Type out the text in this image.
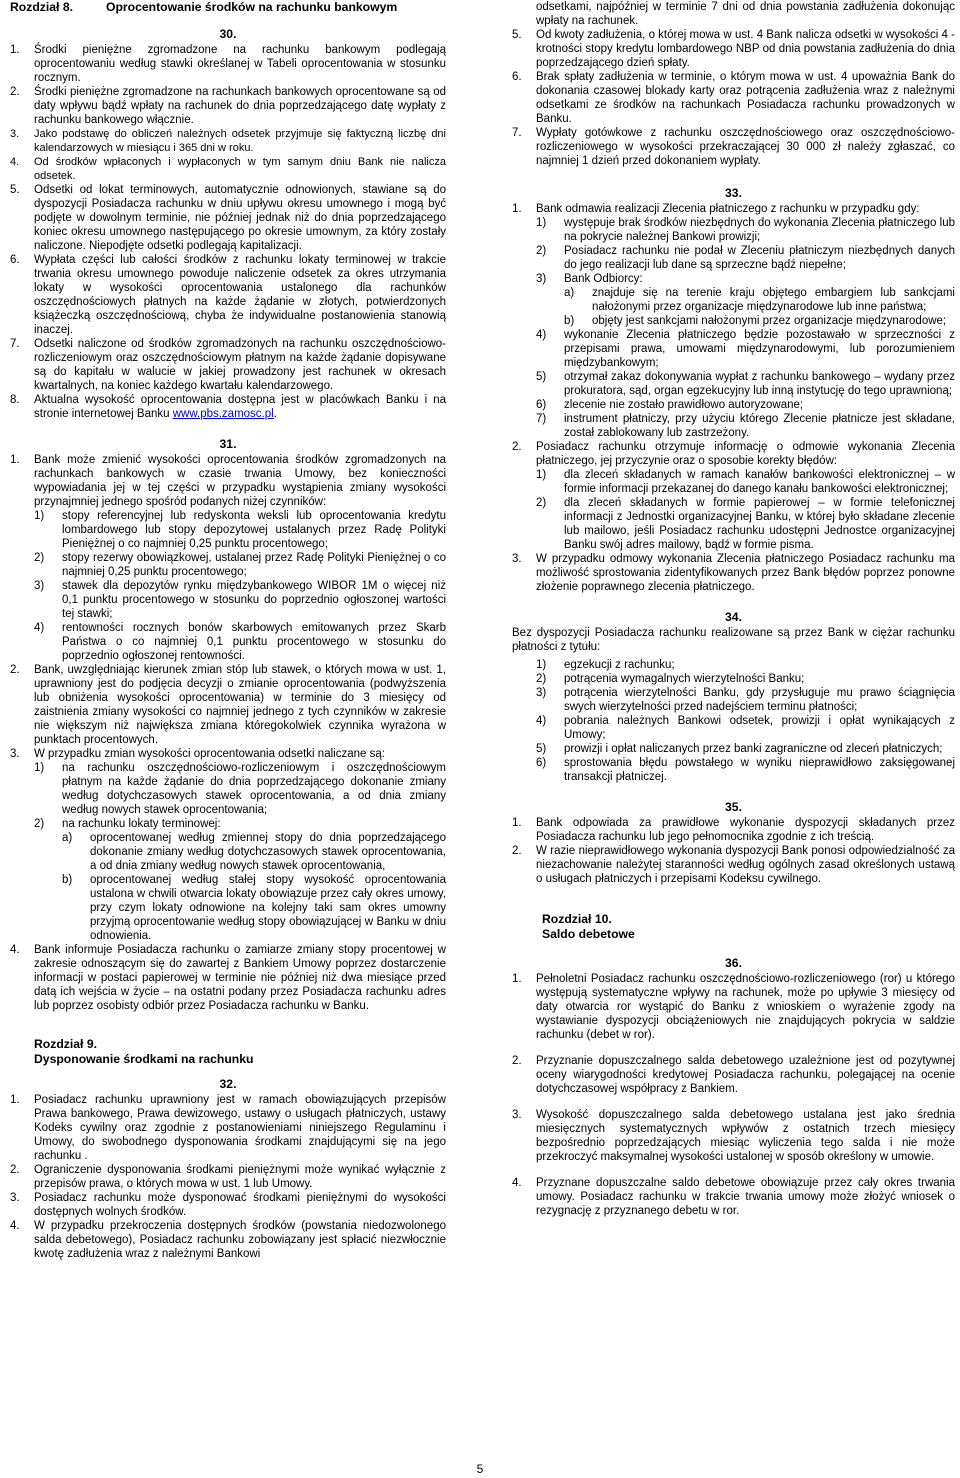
Rozdział 8.	Oprocentowanie środków na rachunku bankowym
30.
1. Środki pieniężne zgromadzone na rachunku bankowym podlegają oprocentowaniu według stawki określanej w Tabeli oprocentowania w stosunku rocznym.
2. Środki pieniężne zgromadzone na rachunkach bankowych oprocentowane są od daty wpływu bądź wpłaty na rachunek do dnia poprzedzającego datę wypłaty z rachunku bankowego włącznie.
3. Jako podstawę do obliczeń należnych odsetek przyjmuje się faktyczną liczbę dni kalendarzowych w miesiącu i 365 dni w roku.
4. Od środków wpłaconych i wypłaconych w tym samym dniu Bank nie nalicza odsetek.
5. Odsetki od lokat terminowych, automatycznie odnowionych, stawiane są do dyspozycji Posiadacza rachunku w dniu upływu okresu umownego i mogą być podjęte w dowolnym terminie, nie później jednak niż do dnia poprzedzającego koniec okresu umownego następującego po okresie umownym, za który zostały naliczone. Niepodjęte odsetki podlegają kapitalizacji.
6. Wypłata części lub całości środków z rachunku lokaty terminowej w trakcie trwania okresu umownego powoduje naliczenie odsetek za okres utrzymania lokaty w wysokości oprocentowania ustalonego dla rachunków oszczędnościowych płatnych na każde żądanie w złotych, potwierdzonych książeczką oszczędnościową, chyba że indywidualne postanowienia stanowią inaczej.
7. Odsetki naliczone od środków zgromadzonych na rachunku oszczędnościowo-rozliczeniowym oraz oszczędnościowym płatnym na każde żądanie dopisywane są do kapitału w walucie w jakiej prowadzony jest rachunek w okresach kwartalnych, na koniec każdego kwartału kalendarzowego.
8. Aktualna wysokość oprocentowania dostępna jest w placówkach Banku i na stronie internetowej Banku www.pbs.zamosc.pl.
31.
1. Bank może zmienić wysokości oprocentowania środków zgromadzonych na rachunkach bankowych w czasie trwania Umowy, bez konieczności wypowiadania jej w tej części w przypadku wystąpienia zmiany wysokości przynajmniej jednego spośród podanych niżej czynników:
1) stopy referencyjnej lub redyskonta weksli lub oprocentowania kredytu lombardowego lub stopy depozytowej ustalanych przez Radę Polityki Pieniężnej o co najmniej 0,25 punktu procentowego;
2) stopy rezerwy obowiązkowej, ustalanej przez Radę Polityki Pieniężnej o co najmniej 0,25 punktu procentowego;
3) stawek dla depozytów rynku międzybankowego WIBOR 1M o więcej niż 0,1 punktu procentowego w stosunku do poprzednio ogłoszonej wartości tej stawki;
4) rentowności rocznych bonów skarbowych emitowanych przez Skarb Państwa o co najmniej 0,1 punktu procentowego w stosunku do poprzednio ogłoszonej rentowności.
2. Bank, uwzględniając kierunek zmian stóp lub stawek, o których mowa w ust. 1, uprawniony jest do podjęcia decyzji o zmianie oprocentowania (podwyższenia lub obniżenia wysokości oprocentowania) w terminie do 3 miesięcy od zaistnienia zmiany wysokości co najmniej jednego z tych czynników w zakresie nie większym niż największa zmiana któregokolwiek czynnika wyrażona w punktach procentowych.
3. W przypadku zmian wysokości oprocentowania odsetki naliczane są:
1) na rachunku oszczędnościowo-rozliczeniowym i oszczędnościowym płatnym na każde żądanie do dnia poprzedzającego dokonanie zmiany według dotychczasowych stawek oprocentowania, a od dnia zmiany według nowych stawek oprocentowania;
2) na rachunku lokaty terminowej:
a) oprocentowanej według zmiennej stopy do dnia poprzedzającego dokonanie zmiany według dotychczasowych stawek oprocentowania, a od dnia zmiany według nowych stawek oprocentowania,
b) oprocentowanej według stałej stopy wysokość oprocentowania ustalona w chwili otwarcia lokaty obowiązuje przez cały okres umowy, przy czym lokaty odnowione na kolejny taki sam okres umowny przyjmą oprocentowanie według stopy obowiązującej w Banku w dniu odnowienia.
4. Bank informuje Posiadacza rachunku o zamiarze zmiany stopy procentowej w zakresie odnoszącym się do zawartej z Bankiem Umowy poprzez dostarczenie informacji w postaci papierowej w terminie nie później niż dwa miesiące przed datą ich wejścia w życie – na ostatni podany przez Posiadacza rachunku adres lub poprzez osobisty odbiór przez Posiadacza rachunku w Banku.
Rozdział 9.Dysponowanie środkami na rachunku
32.
1. Posiadacz rachunku uprawniony jest w ramach obowiązujących przepisów Prawa bankowego, Prawa dewizowego, ustawy o usługach płatniczych, ustawy Kodeks cywilny oraz zgodnie z postanowieniami niniejszego Regulaminu i Umowy, do swobodnego dysponowania środkami znajdującymi się na jego rachunku .
2. Ograniczenie dysponowania środkami pieniężnymi może wynikać wyłącznie z przepisów prawa, o których mowa w ust. 1 lub Umowy.
3. Posiadacz rachunku może dysponować środkami pieniężnymi do wysokości dostępnych wolnych środków.
4. W przypadku przekroczenia dostępnych środków (powstania niedozwolonego salda debetowego), Posiadacz rachunku zobowiązany jest spłacić niezwłocznie kwotę zadłużenia wraz z należnymi Bankowi

odsetkami, najpóźniej w terminie 7 dni od dnia powstania zadłużenia dokonując wpłaty na rachunek.

5. Od kwoty zadłużenia, o której mowa w ust. 4 Bank nalicza odsetki w wysokości 4 - krotności stopy kredytu lombardowego NBP od dnia powstania zadłużenia do dnia poprzedzającego dzień spłaty.
6. Brak spłaty zadłużenia w terminie, o którym mowa w ust. 4 upoważnia Bank do dokonania czasowej blokady karty oraz potrącenia zadłużenia wraz z należnymi odsetkami ze środków na rachunkach Posiadacza rachunku prowadzonych w Banku.
7. Wypłaty gotówkowe z rachunku oszczędnościowego oraz oszczędnościowo-rozliczeniowego w wysokości przekraczającej 30 000 zł należy zgłaszać, co najmniej 1 dzień przed dokonaniem wypłaty.
33.
1. Bank odmawia realizacji Zlecenia płatniczego z rachunku w przypadku gdy:
1) występuje brak środków niezbędnych do wykonania Zlecenia płatniczego lub na pokrycie należnej Bankowi prowizji;
2) Posiadacz rachunku nie podał w Zleceniu płatniczym niezbędnych danych do jego realizacji lub dane są sprzeczne bądź niepełne;
3) Bank Odbiorcy:
a) znajduje się na terenie kraju objętego embargiem lub sankcjami nałożonymi przez organizacje międzynarodowe lub inne państwa;
b) objęty jest sankcjami nałożonymi przez organizacje międzynarodowe;
4) wykonanie Zlecenia płatniczego będzie pozostawało w sprzeczności z przepisami prawa, umowami międzynarodowymi, lub porozumieniem międzybankowym;
5) otrzymał zakaz dokonywania wypłat z rachunku bankowego – wydany przez prokuratora, sąd, organ egzekucyjny lub inną instytucję do tego uprawnioną;
6) zlecenie nie zostało prawidłowo autoryzowane;
7) instrument płatniczy, przy użyciu którego Zlecenie płatnicze jest składane, został zablokowany lub zastrzeżony.
2. Posiadacz rachunku otrzymuje informację o odmowie wykonania Zlecenia płatniczego, jej przyczynie oraz o sposobie korekty błędów:
1) dla zleceń składanych w ramach kanałów bankowości elektronicznej – w formie informacji przekazanej do danego kanału bankowości elektronicznej;
2) dla zleceń składanych w formie papierowej – w formie telefonicznej informacji z Jednostki organizacyjnej Banku, w której było składane zlecenie lub mailowo, jeśli Posiadacz rachunku udostępni Jednostce organizacyjnej Banku swój adres mailowy, bądź w formie pisma.
3. W przypadku odmowy wykonania Zlecenia płatniczego Posiadacz rachunku ma możliwość sprostowania zidentyfikowanych przez Bank błędów poprzez ponowne złożenie poprawnego zlecenia płatniczego.
34.

Bez dyspozycji Posiadacza rachunku realizowane są przez Bank w ciężar rachunku płatności z tytułu:

1) egzekucji z rachunku;
2) potrącenia wymagalnych wierzytelności Banku;
3) potrącenia wierzytelności Banku, gdy przysługuje mu prawo ściągnięcia swych wierzytelności przed nadejściem terminu płatności;
4) pobrania należnych Bankowi odsetek, prowizji i opłat wynikających z Umowy;
5) prowizji i opłat naliczanych przez banki zagraniczne od zleceń płatniczych;
6) sprostowania błędu powstałego w wyniku nieprawidłowo zaksięgowanej transakcji płatniczej.
35.
1. Bank odpowiada za prawidłowe wykonanie dyspozycji składanych przez Posiadacza rachunku lub jego pełnomocnika zgodnie z ich treścią.
2. W razie nieprawidłowego wykonania dyspozycji Bank ponosi odpowiedzialność za niezachowanie należytej staranności według ogólnych zasad określonych ustawą o usługach płatniczych i przepisami Kodeksu cywilnego.
Rozdział 10.Saldo debetowe
36.
1. Pełnoletni Posiadacz rachunku oszczędnościowo-rozliczeniowego (ror) u którego występują systematyczne wpływy na rachunek, może po upływie 3 miesięcy od daty otwarcia ror wystąpić do Banku z wnioskiem o wyrażenie zgody na wystawianie dyspozycji obciążeniowych nie znajdujących pokrycia w saldzie rachunku (debet w ror).
2. Przyznanie dopuszczalnego salda debetowego uzależnione jest od pozytywnej oceny wiarygodności kredytowej Posiadacza rachunku, polegającej na ocenie dotychczasowej współpracy z Bankiem.
3. Wysokość dopuszczalnego salda debetowego ustalana jest jako średnia miesięcznych systematycznych wpływów z ostatnich trzech miesięcy bezpośrednio poprzedzających miesiąc wyliczenia tego salda i nie może przekroczyć maksymalnej wysokości ustalonej w sposób określony w umowie.
4. Przyznane dopuszczalne saldo debetowe obowiązuje przez cały okres trwania umowy. Posiadacz rachunku w trakcie trwania umowy może złożyć wniosek o rezygnację z przyznanego debetu w ror.
5
